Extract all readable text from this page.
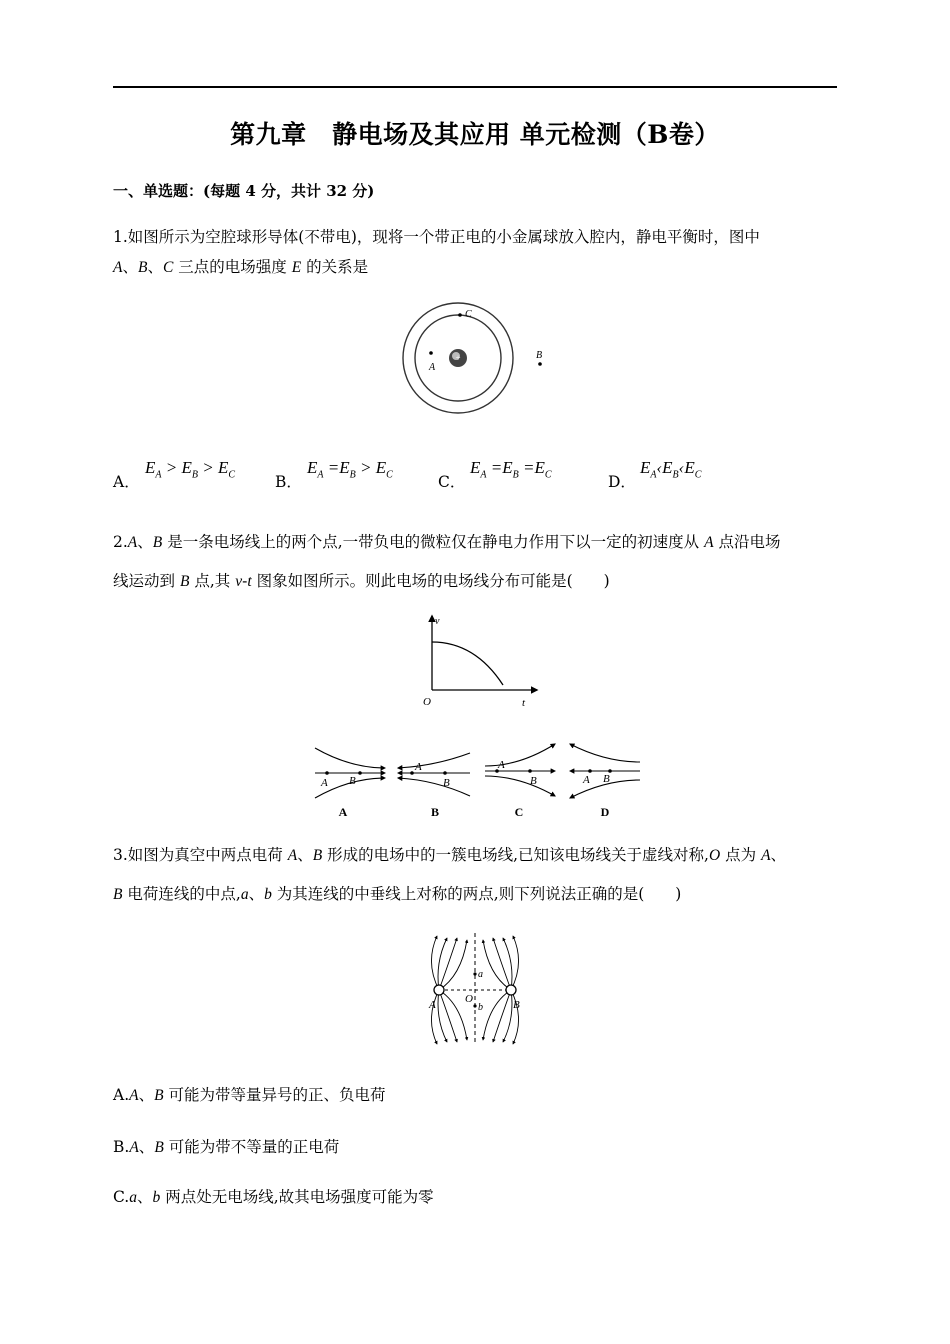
第九章　静电场及其应用 单元检测（B卷）
一、单选题：(每题 4 分，共计 32 分)
1.如图所示为空腔球形导体(不带电)，现将一个带正电的小金属球放入腔内，静电平衡时，图中
A、B、C 三点的电场强度 E 的关系是
+
A
C
B
A．
$E_A > E_B > E_C$	B．
$E_A =E_B > E_C$	C．
$E_A =E_B =E_C$	D．
$E_A‹E_B‹E_C$
2.A、B 是一条电场线上的两个点,一带负电的微粒仅在静电力作用下以一定的初速度从 A 点沿电场
线运动到 B 点,其 v-t 图象如图所示。则此电场的电场线分布可能是(　　)
v
t
O
A B
A
A
B
B
A
B
C
A B
D
3.如图为真空中两点电荷 A、B 形成的电场中的一簇电场线,已知该电场线关于虚线对称,O 点为 A、
B 电荷连线的中点,a、b 为其连线的中垂线上对称的两点,则下列说法正确的是(　　)
A	B
O
a
b
A.A、B 可能为带等量异号的正、负电荷
B.A、B 可能为带不等量的正电荷
C.a、b 两点处无电场线,故其电场强度可能为零
